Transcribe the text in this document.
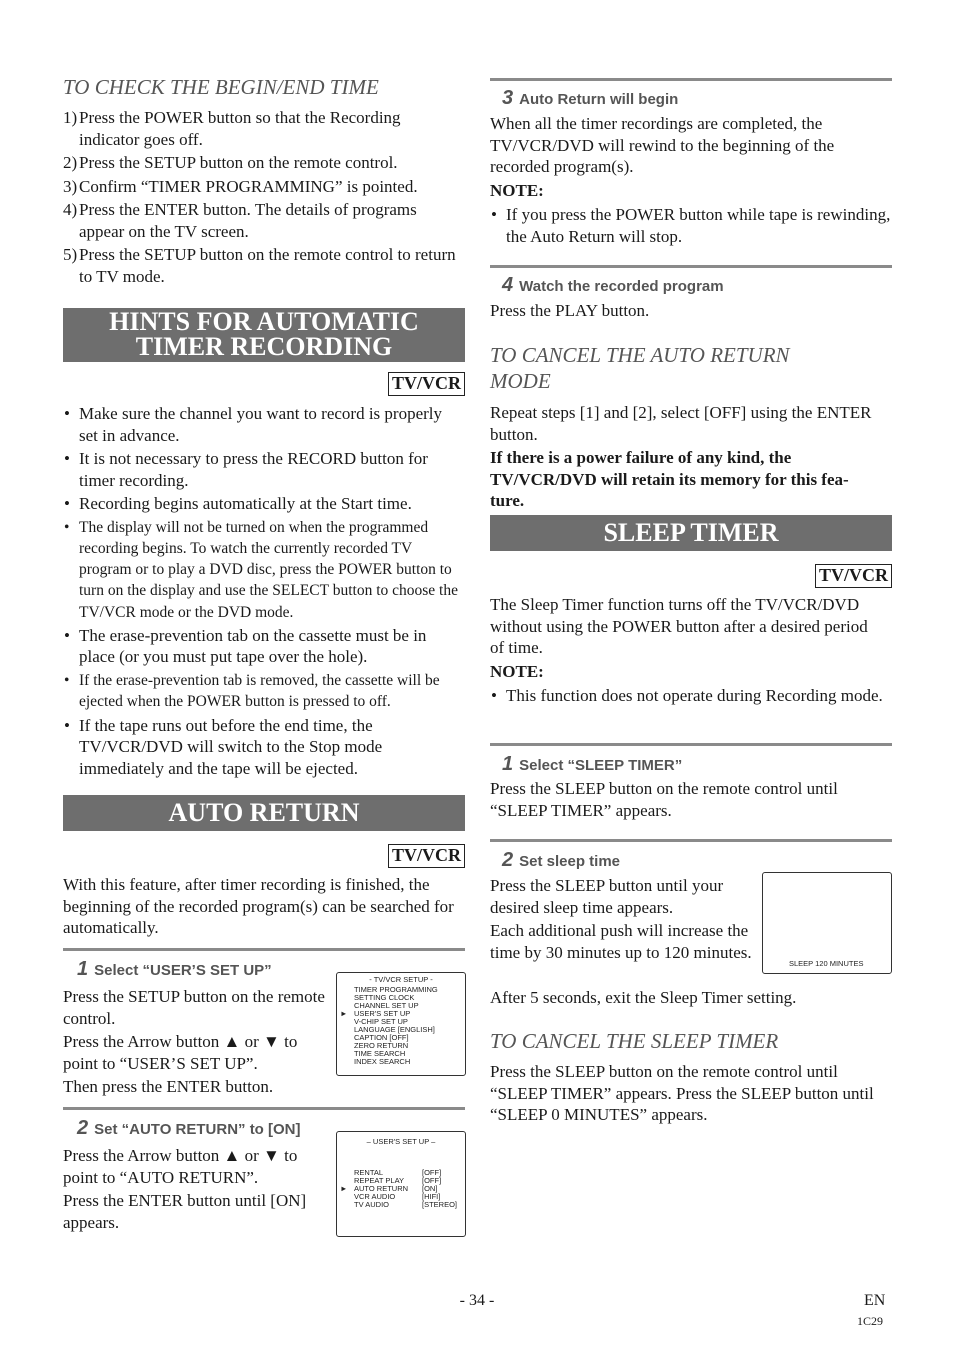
TO CHECK THE BEGIN/END TIME
1) Press the POWER button so that the Recording indicator goes off.
2) Press the SETUP button on the remote control.
3) Confirm “TIMER PROGRAMMING” is pointed.
4) Press the ENTER button. The details of programs appear on the TV screen.
5) Press the SETUP button on the remote control to return to TV mode.
HINTS FOR AUTOMATIC
TIMER RECORDING
TV/VCR
• Make sure the channel you want to record is properly set in advance.
• It is not necessary to press the RECORD button for timer recording.
• Recording begins automatically at the Start time.
• The display will not be turned on when the programmed recording begins. To watch the currently recorded TV program or to play a DVD disc, press the POWER button to turn on the display and use the SELECT button to choose the TV/VCR mode or the DVD mode.
• The erase-prevention tab on the cassette must be in place (or you must put tape over the hole).
• If the erase-prevention tab is removed, the cassette will be ejected when the POWER button is pressed to off.
• If the tape runs out before the end time, the TV/VCR/DVD will switch to the Stop mode immediately and the tape will be ejected.
AUTO RETURN
TV/VCR
With this feature, after timer recording is finished, the beginning of the recorded program(s) can be searched for automatically.
1 Select “USER’S SET UP”
Press the SETUP button on the remote control.
Press the Arrow button ▲ or ▼ to point to “USER’S SET UP”.
Then press the ENTER button.
- TV/VCR SETUP -
TIMER PROGRAMMING
SETTING CLOCK
CHANNEL SET UP
USER'S SET UP
V-CHIP SET UP
LANGUAGE [ENGLISH]
CAPTION [OFF]
ZERO RETURN
TIME SEARCH
INDEX SEARCH
►
2 Set “AUTO RETURN” to [ON]
Press the Arrow button ▲ or ▼ to point to “AUTO RETURN”.
Press the ENTER button until [ON] appears.
– USER'S SET UP –
RENTAL	[OFF]
REPEAT PLAY [OFF]
AUTO RETURN [ON]
VCR AUDIO	[HIFI]
TV AUDIO	[STEREO]
►
3 Auto Return will begin
When all the timer recordings are completed, the TV/VCR/DVD will rewind to the beginning of the recorded program(s).
NOTE:
• If you press the POWER button while tape is rewinding, the Auto Return will stop.
4 Watch the recorded program
Press the PLAY button.
TO CANCEL THE AUTO RETURN
MODE
Repeat steps [1] and [2], select [OFF] using the ENTER button.
If there is a power failure of any kind, the
TV/VCR/DVD will retain its memory for this fea-
ture.
SLEEP TIMER
TV/VCR
The Sleep Timer function turns off the TV/VCR/DVD without using the POWER button after a desired period of time.
NOTE:
• This function does not operate during Recording mode.
1 Select “SLEEP TIMER”
Press the SLEEP button on the remote control until “SLEEP TIMER” appears.
2 Set sleep time
Press the SLEEP button until your desired sleep time appears.
Each additional push will increase the time by 30 minutes up to 120 minutes.
After 5 seconds, exit the Sleep Timer setting.
SLEEP 120 MINUTES
TO CANCEL THE SLEEP TIMER
Press the SLEEP button on the remote control until “SLEEP TIMER” appears. Press the SLEEP button until “SLEEP 0 MINUTES” appears.
- 34 -	EN
1C29
